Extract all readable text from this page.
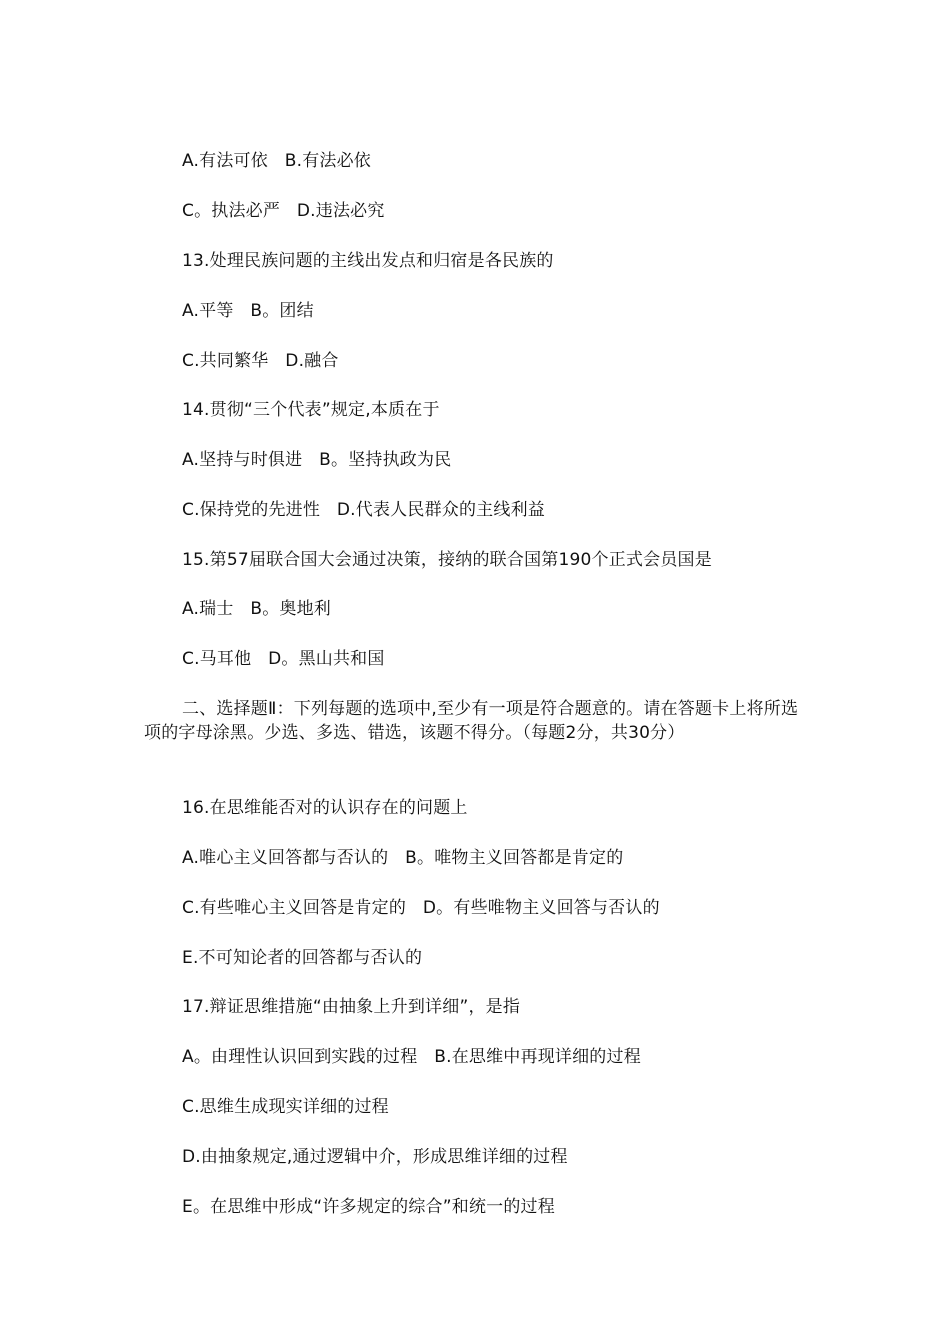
A.有法可依   B.有法必依
C。执法必严   D.违法必究
13.处理民族问题的主线出发点和归宿是各民族的
A.平等   B。团结
C.共同繁华   D.融合
14.贯彻“三个代表”规定,本质在于
A.坚持与时俱进   B。坚持执政为民
C.保持党的先进性   D.代表人民群众的主线利益
15.第57届联合国大会通过决策，接纳的联合国第190个正式会员国是
A.瑞士   B。奥地利
C.马耳他   D。黑山共和国
二、选择题Ⅱ：下列每题的选项中,至少有一项是符合题意的。请在答题卡上将所选项的字母涂黑。少选、多选、错选，该题不得分。（每题2分，共30分）
16.在思维能否对的认识存在的问题上
A.唯心主义回答都与否认的   B。唯物主义回答都是肯定的
C.有些唯心主义回答是肯定的   D。有些唯物主义回答与否认的
E.不可知论者的回答都与否认的
17.辩证思维措施“由抽象上升到详细”，是指
A。由理性认识回到实践的过程   B.在思维中再现详细的过程
C.思维生成现实详细的过程
D.由抽象规定,通过逻辑中介，形成思维详细的过程
E。在思维中形成“许多规定的综合”和统一的过程
